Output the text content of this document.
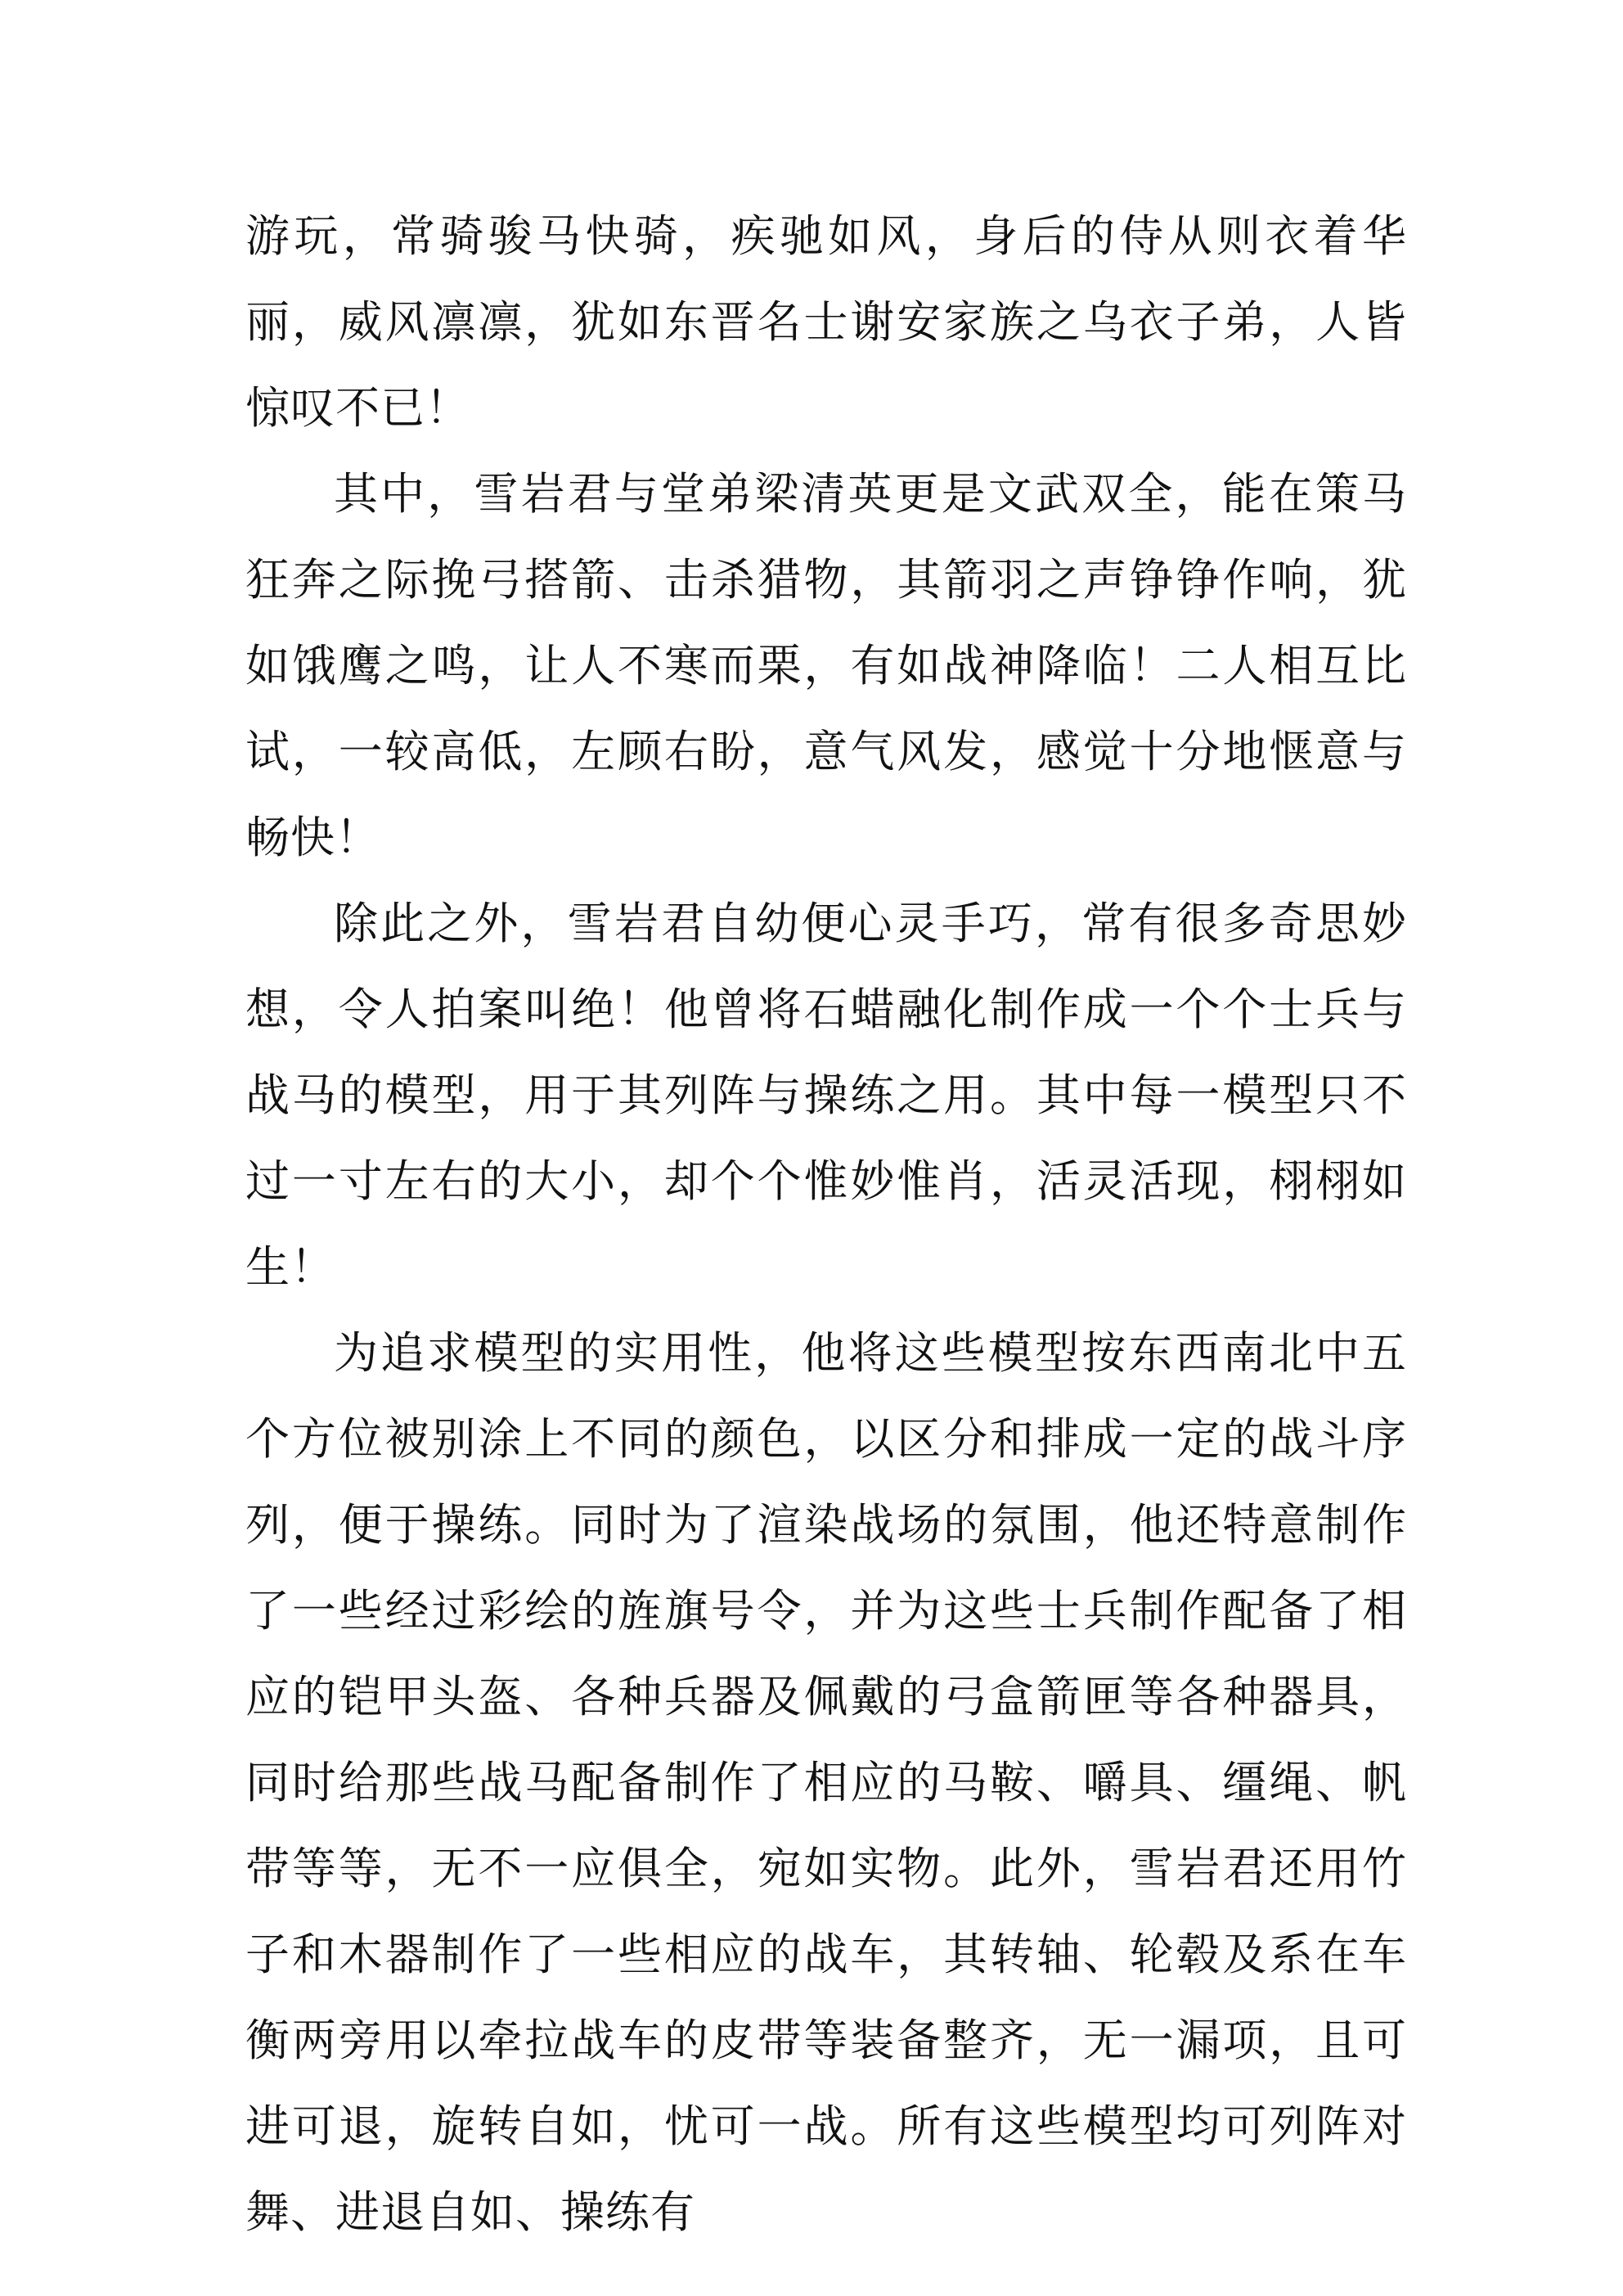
游玩，常骑骏马快骑，疾驰如风，身后的侍从则衣着华丽，威风凛凛，犹如东晋名士谢安家族之乌衣子弟，人皆惊叹不已！

其中，雪岩君与堂弟梁清英更是文武双全，能在策马狂奔之际挽弓搭箭、击杀猎物，其箭羽之声铮铮作响，犹如饿鹰之鸣，让人不寒而栗，有如战神降临！二人相互比试，一较高低，左顾右盼，意气风发，感觉十分地惬意与畅快！

除此之外，雪岩君自幼便心灵手巧，常有很多奇思妙想，令人拍案叫绝！他曾将石蜡融化制作成一个个士兵与战马的模型，用于其列阵与操练之用。其中每一模型只不过一寸左右的大小，却个个惟妙惟肖，活灵活现，栩栩如生！

为追求模型的实用性，他将这些模型按东西南北中五个方位被别涂上不同的颜色，以区分和排成一定的战斗序列，便于操练。同时为了渲染战场的氛围，他还特意制作了一些经过彩绘的旌旗号令，并为这些士兵制作配备了相应的铠甲头盔、各种兵器及佩戴的弓盒箭匣等各种器具，同时给那些战马配备制作了相应的马鞍、嚼具、缰绳、帆带等等，无不一应俱全，宛如实物。此外，雪岩君还用竹子和木器制作了一些相应的战车，其转轴、轮毂及系在车衡两旁用以牵拉战车的皮带等装备整齐，无一漏项，且可进可退，旋转自如，忧可一战。所有这些模型均可列阵对舞、进退自如、操练有
